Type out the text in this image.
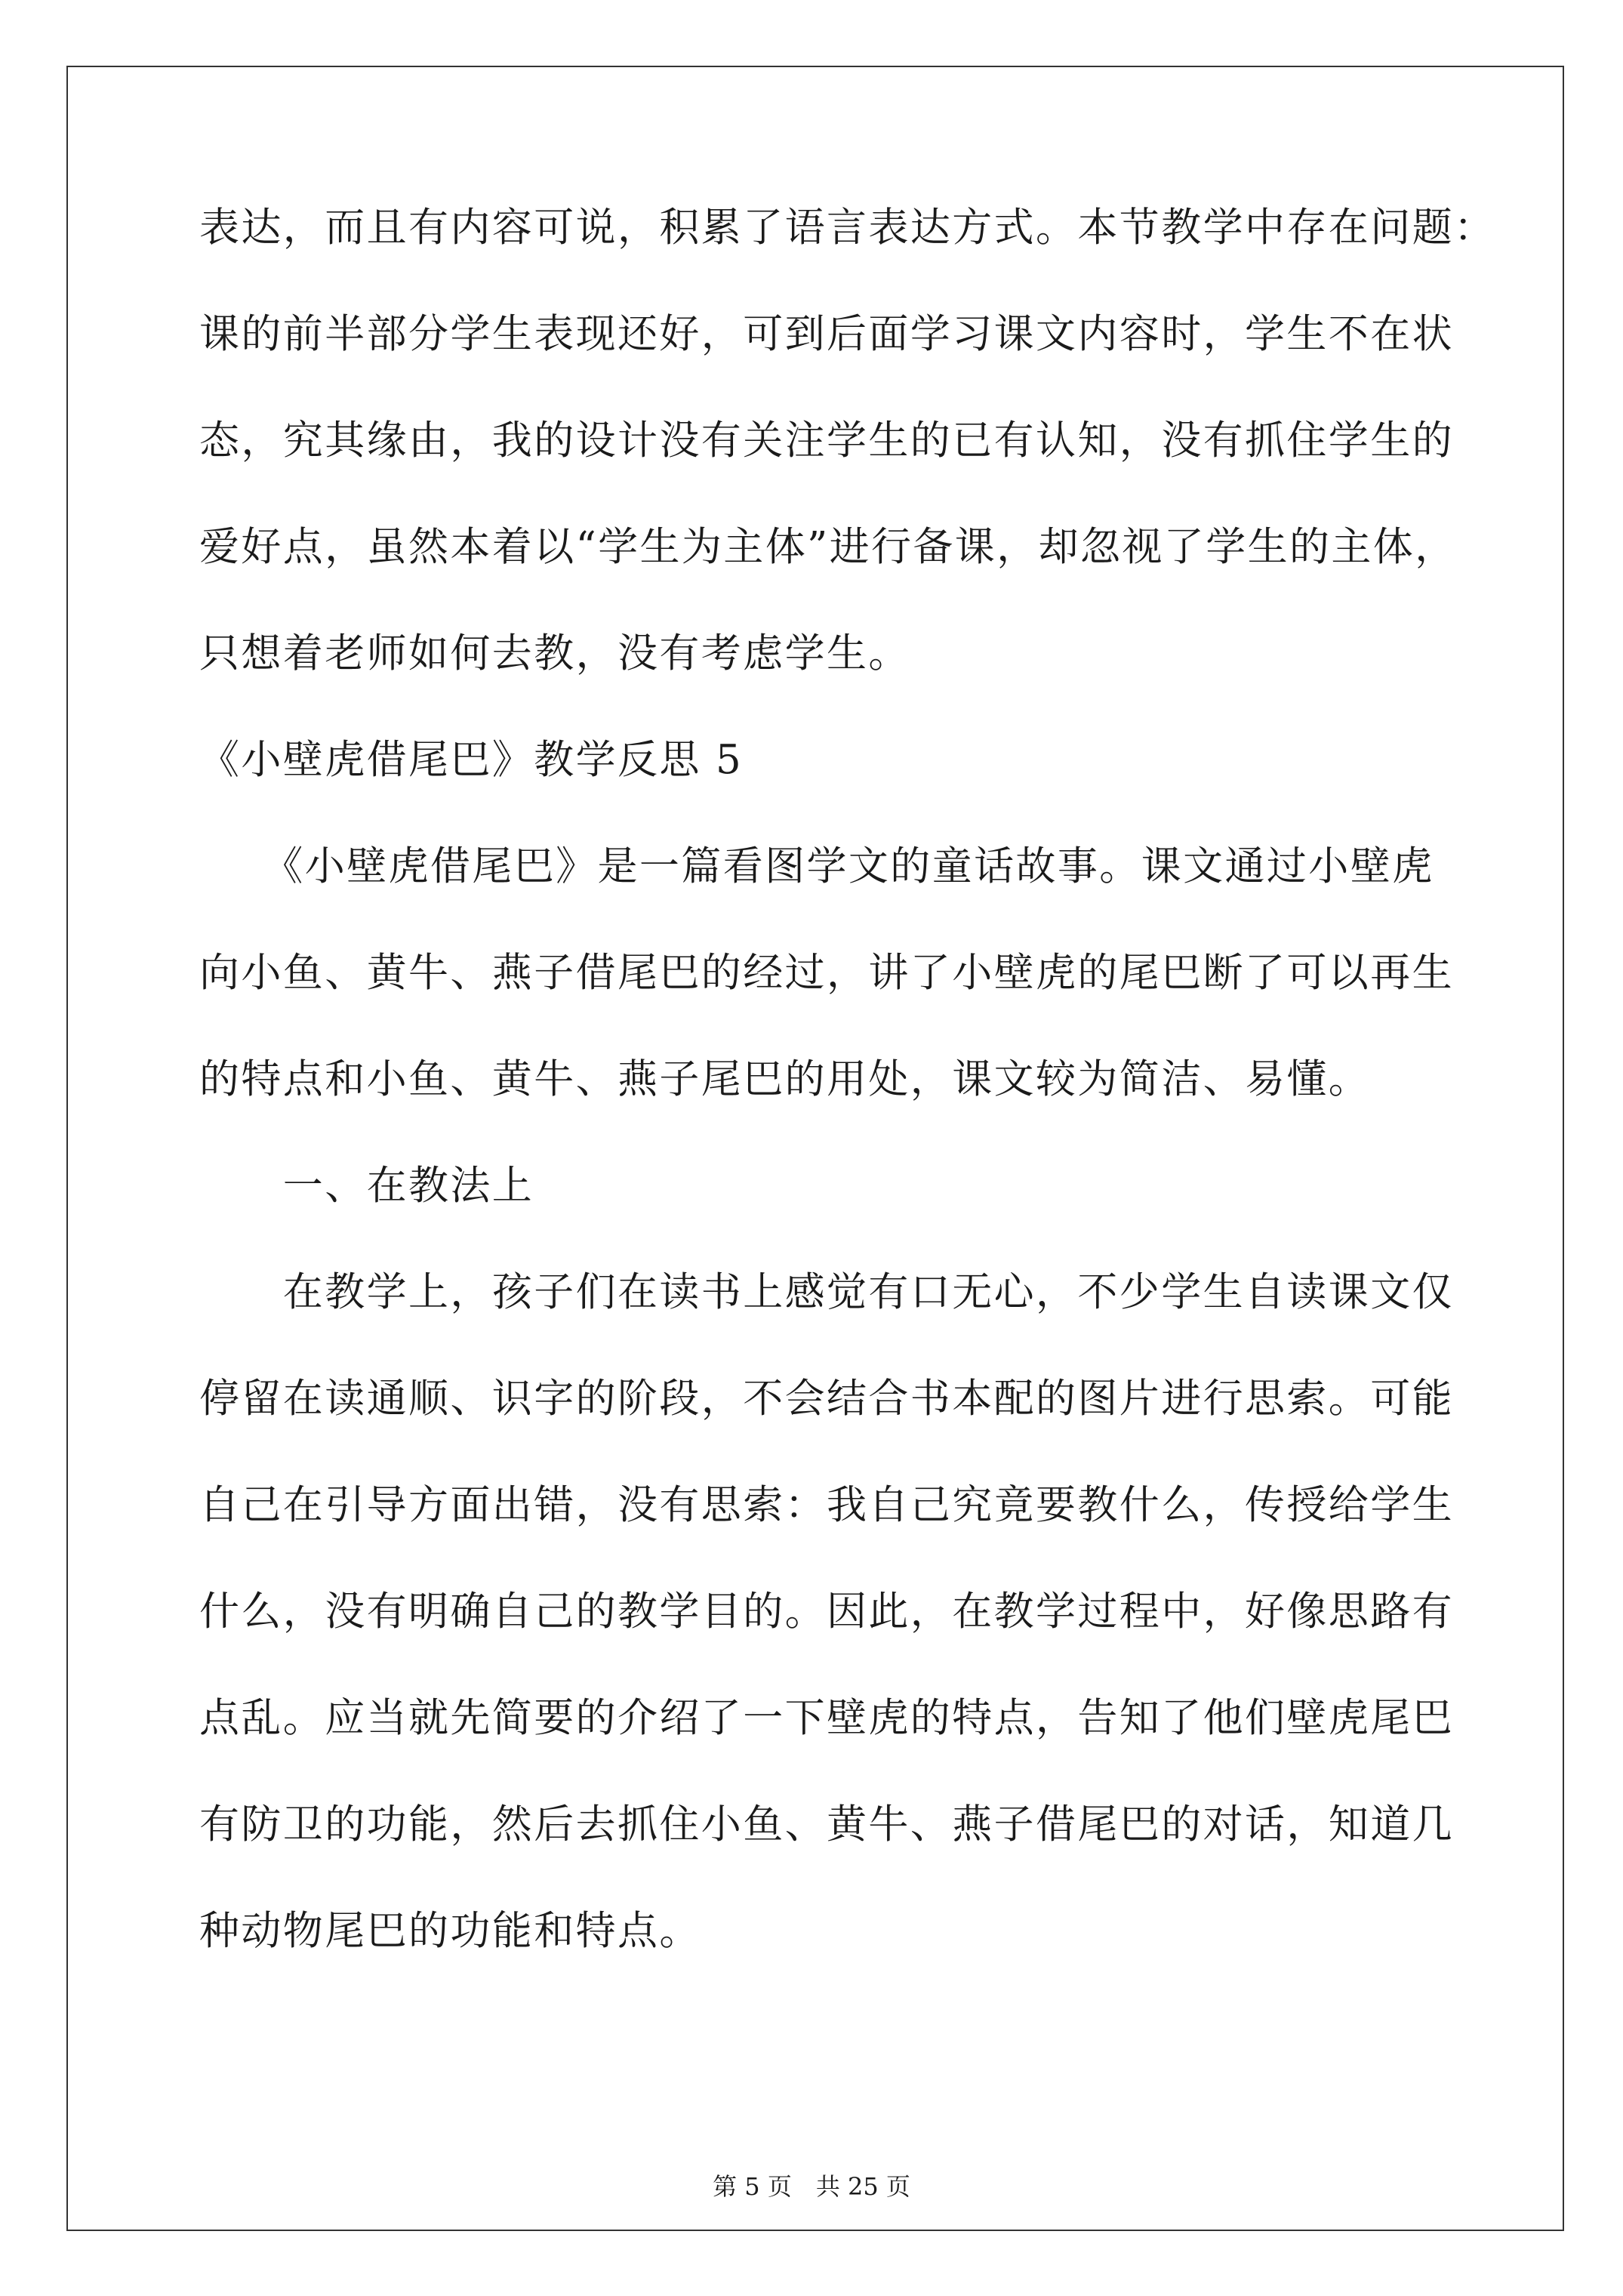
表达，而且有内容可说，积累了语言表达方式。本节教学中存在问题：
课的前半部分学生表现还好，可到后面学习课文内容时，学生不在状
态，究其缘由，我的设计没有关注学生的已有认知，没有抓住学生的
爱好点，虽然本着以“学生为主体”进行备课，却忽视了学生的主体，
只想着老师如何去教，没有考虑学生。
《小壁虎借尾巴》教学反思 5
　　《小壁虎借尾巴》是一篇看图学文的童话故事。课文通过小壁虎
向小鱼、黄牛、燕子借尾巴的经过，讲了小壁虎的尾巴断了可以再生
的特点和小鱼、黄牛、燕子尾巴的用处，课文较为简洁、易懂。
　　一、在教法上
　　在教学上，孩子们在读书上感觉有口无心，不少学生自读课文仅
停留在读通顺、识字的阶段，不会结合书本配的图片进行思索。可能
自己在引导方面出错，没有思索：我自己究竟要教什么，传授给学生
什么，没有明确自己的教学目的。因此，在教学过程中，好像思路有
点乱。应当就先简要的介绍了一下壁虎的特点，告知了他们壁虎尾巴
有防卫的功能，然后去抓住小鱼、黄牛、燕子借尾巴的对话，知道几
种动物尾巴的功能和特点。
第 5 页　共 25 页
